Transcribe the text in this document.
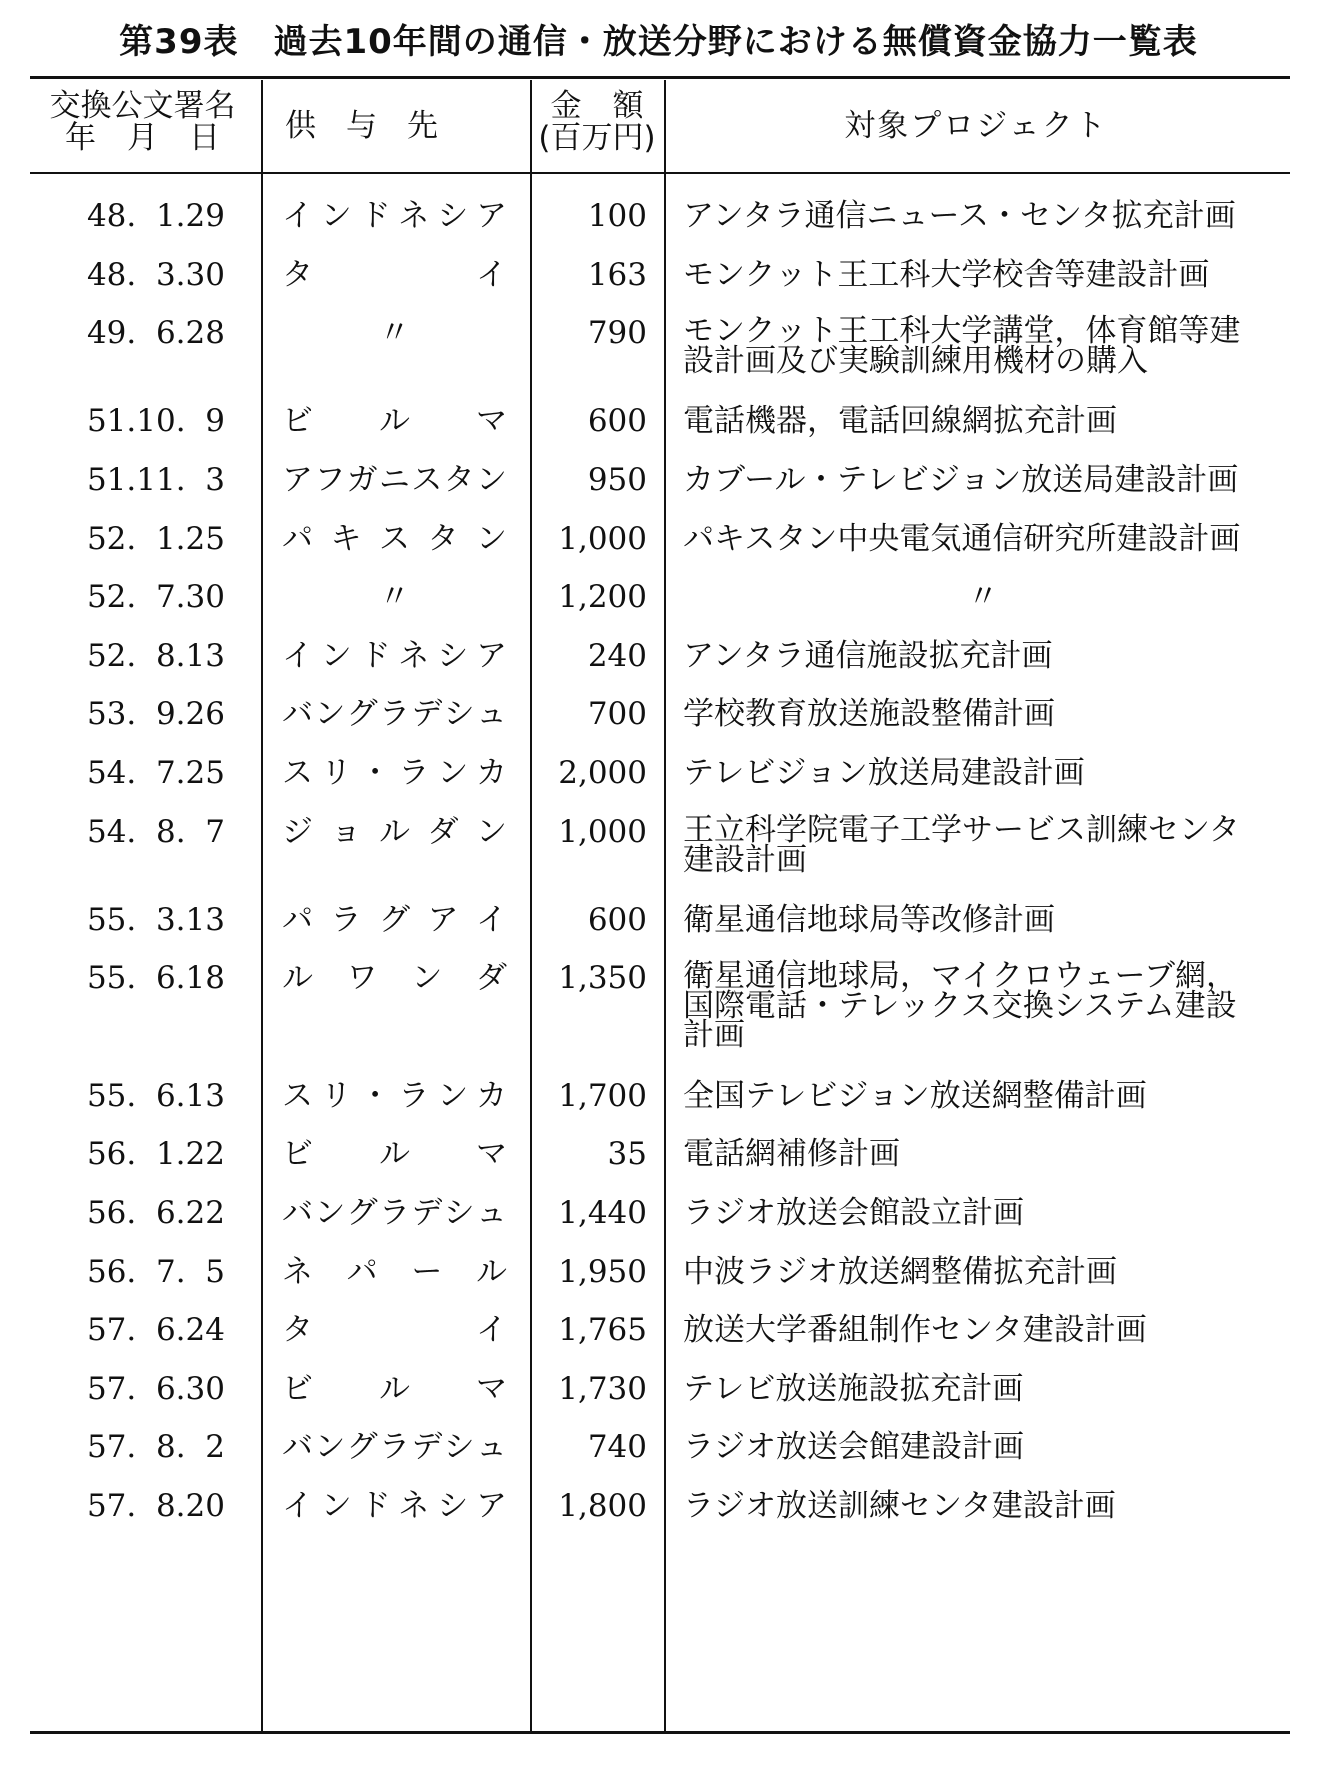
第39表　過去10年間の通信・放送分野における無償資金協力一覧表
交換公文署名
年　月　日	供与先
金　額
(百万円)	対象プロジェクト
48.  1.29 イ ン ド ネ シ ア	100 アンタラ通信ニュース・センタ拡充計画
48.  3.30 タ	イ	163 モンクット王工科大学校舎等建設計画
49.  6.28	〃	790 モンクット王工科大学講堂，体育館等建
設計画及び実験訓練用機材の購入
51.10.  9 ビ ル マ	600 電話機器，電話回線網拡充計画
51.11.  3 ア フ ガ ニ ス タ ン	950 カブール・テレビジョン放送局建設計画
52.  1.25 パ キ ス タ ン	1,000 パキスタン中央電気通信研究所建設計画
52.  7.30	〃	1,200	〃
52.  8.13 イ ン ド ネ シ ア	240 アンタラ通信施設拡充計画
53.  9.26 バ ン グ ラ デ シ ュ	700 学校教育放送施設整備計画
54.  7.25 ス リ ・ ラ ン カ	2,000 テレビジョン放送局建設計画
54.  8.  7 ジ ョ ル ダ ン	1,000 王立科学院電子工学サービス訓練センタ
建設計画
55.  3.13 パ ラ グ ア イ	600 衛星通信地球局等改修計画
55.  6.18 ル ワ ン ダ	1,350 衛星通信地球局，マイクロウェーブ網，
国際電話・テレックス交換システム建設
計画
55.  6.13 ス リ ・ ラ ン カ	1,700 全国テレビジョン放送網整備計画
56.  1.22 ビ ル マ	35 電話網補修計画
56.  6.22 バ ン グ ラ デ シ ュ	1,440 ラジオ放送会館設立計画
56.  7.  5 ネ パ ー ル	1,950 中波ラジオ放送網整備拡充計画
57.  6.24 タ	イ	1,765 放送大学番組制作センタ建設計画
57.  6.30 ビ ル マ	1,730 テレビ放送施設拡充計画
57.  8.  2 バ ン グ ラ デ シ ュ	740 ラジオ放送会館建設計画
57.  8.20 イ ン ド ネ シ ア	1,800 ラジオ放送訓練センタ建設計画
